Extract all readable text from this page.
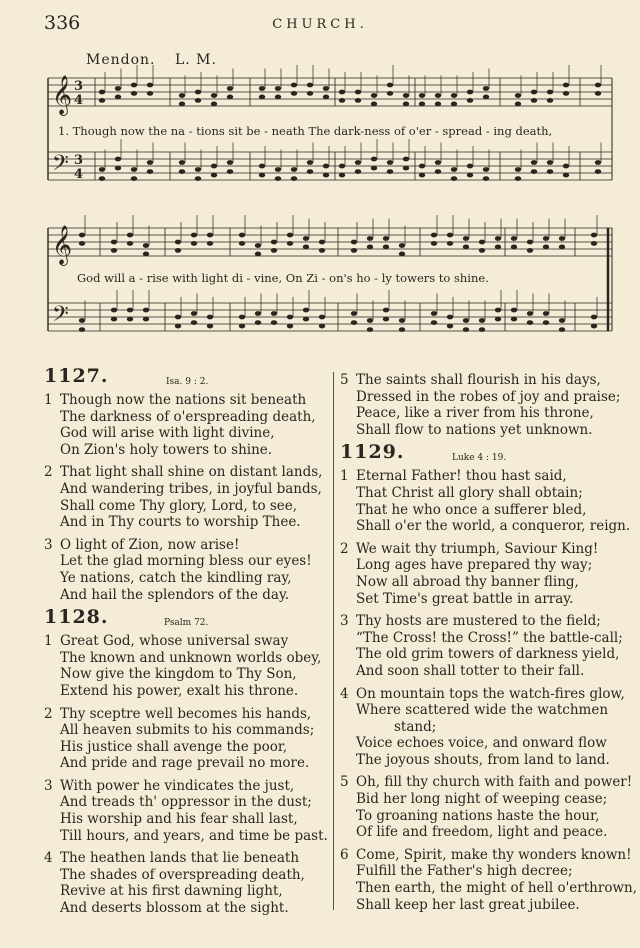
336	CHURCH.
Mendon. L. M.
𝄞
𝄢
3
3
4
4
𝄞
𝄢
1. Though now the na - tions sit be - neath The dark-ness of o'er - spread - ing death,
God will a - rise with light di - vine, On Zi - on's ho - ly towers to shine.
1127.	Isa. 9 : 2.
1 Though now the nations sit beneath
The darkness of o'erspreading death,
God will arise with light divine,
On Zion's holy towers to shine.
2 That light shall shine on distant lands,
And wandering tribes, in joyful bands,
Shall come Thy glory, Lord, to see,
And in Thy courts to worship Thee.
3 O light of Zion, now arise!
Let the glad morning bless our eyes!
Ye nations, catch the kindling ray,
And hail the splendors of the day.
1128.	Psalm 72.
1 Great God, whose universal sway
The known and unknown worlds obey,
Now give the kingdom to Thy Son,
Extend his power, exalt his throne.
2 Thy sceptre well becomes his hands,
All heaven submits to his commands;
His justice shall avenge the poor,
And pride and rage prevail no more.
3 With power he vindicates the just,
And treads th' oppressor in the dust;
His worship and his fear shall last,
Till hours, and years, and time be past.
4 The heathen lands that lie beneath
The shades of overspreading death,
Revive at his first dawning light,
And deserts blossom at the sight.
5 The saints shall flourish in his days,
Dressed in the robes of joy and praise;
Peace, like a river from his throne,
Shall flow to nations yet unknown.
1129.	Luke 4 : 19.
1 Eternal Father! thou hast said,
That Christ all glory shall obtain;
That he who once a sufferer bled,
Shall o'er the world, a conqueror, reign.
2 We wait thy triumph, Saviour King!
Long ages have prepared thy way;
Now all abroad thy banner fling,
Set Time's great battle in array.
3 Thy hosts are mustered to the field;
“The Cross! the Cross!” the battle-call;
The old grim towers of darkness yield,
And soon shall totter to their fall.
4 On mountain tops the watch-fires glow,
Where scattered wide the watchmen
stand;
Voice echoes voice, and onward flow
The joyous shouts, from land to land.
5 Oh, fill thy church with faith and power!
Bid her long night of weeping cease;
To groaning nations haste the hour,
Of life and freedom, light and peace.
6 Come, Spirit, make thy wonders known!
Fulfill the Father's high decree;
Then earth, the might of hell o'erthrown,
Shall keep her last great jubilee.
